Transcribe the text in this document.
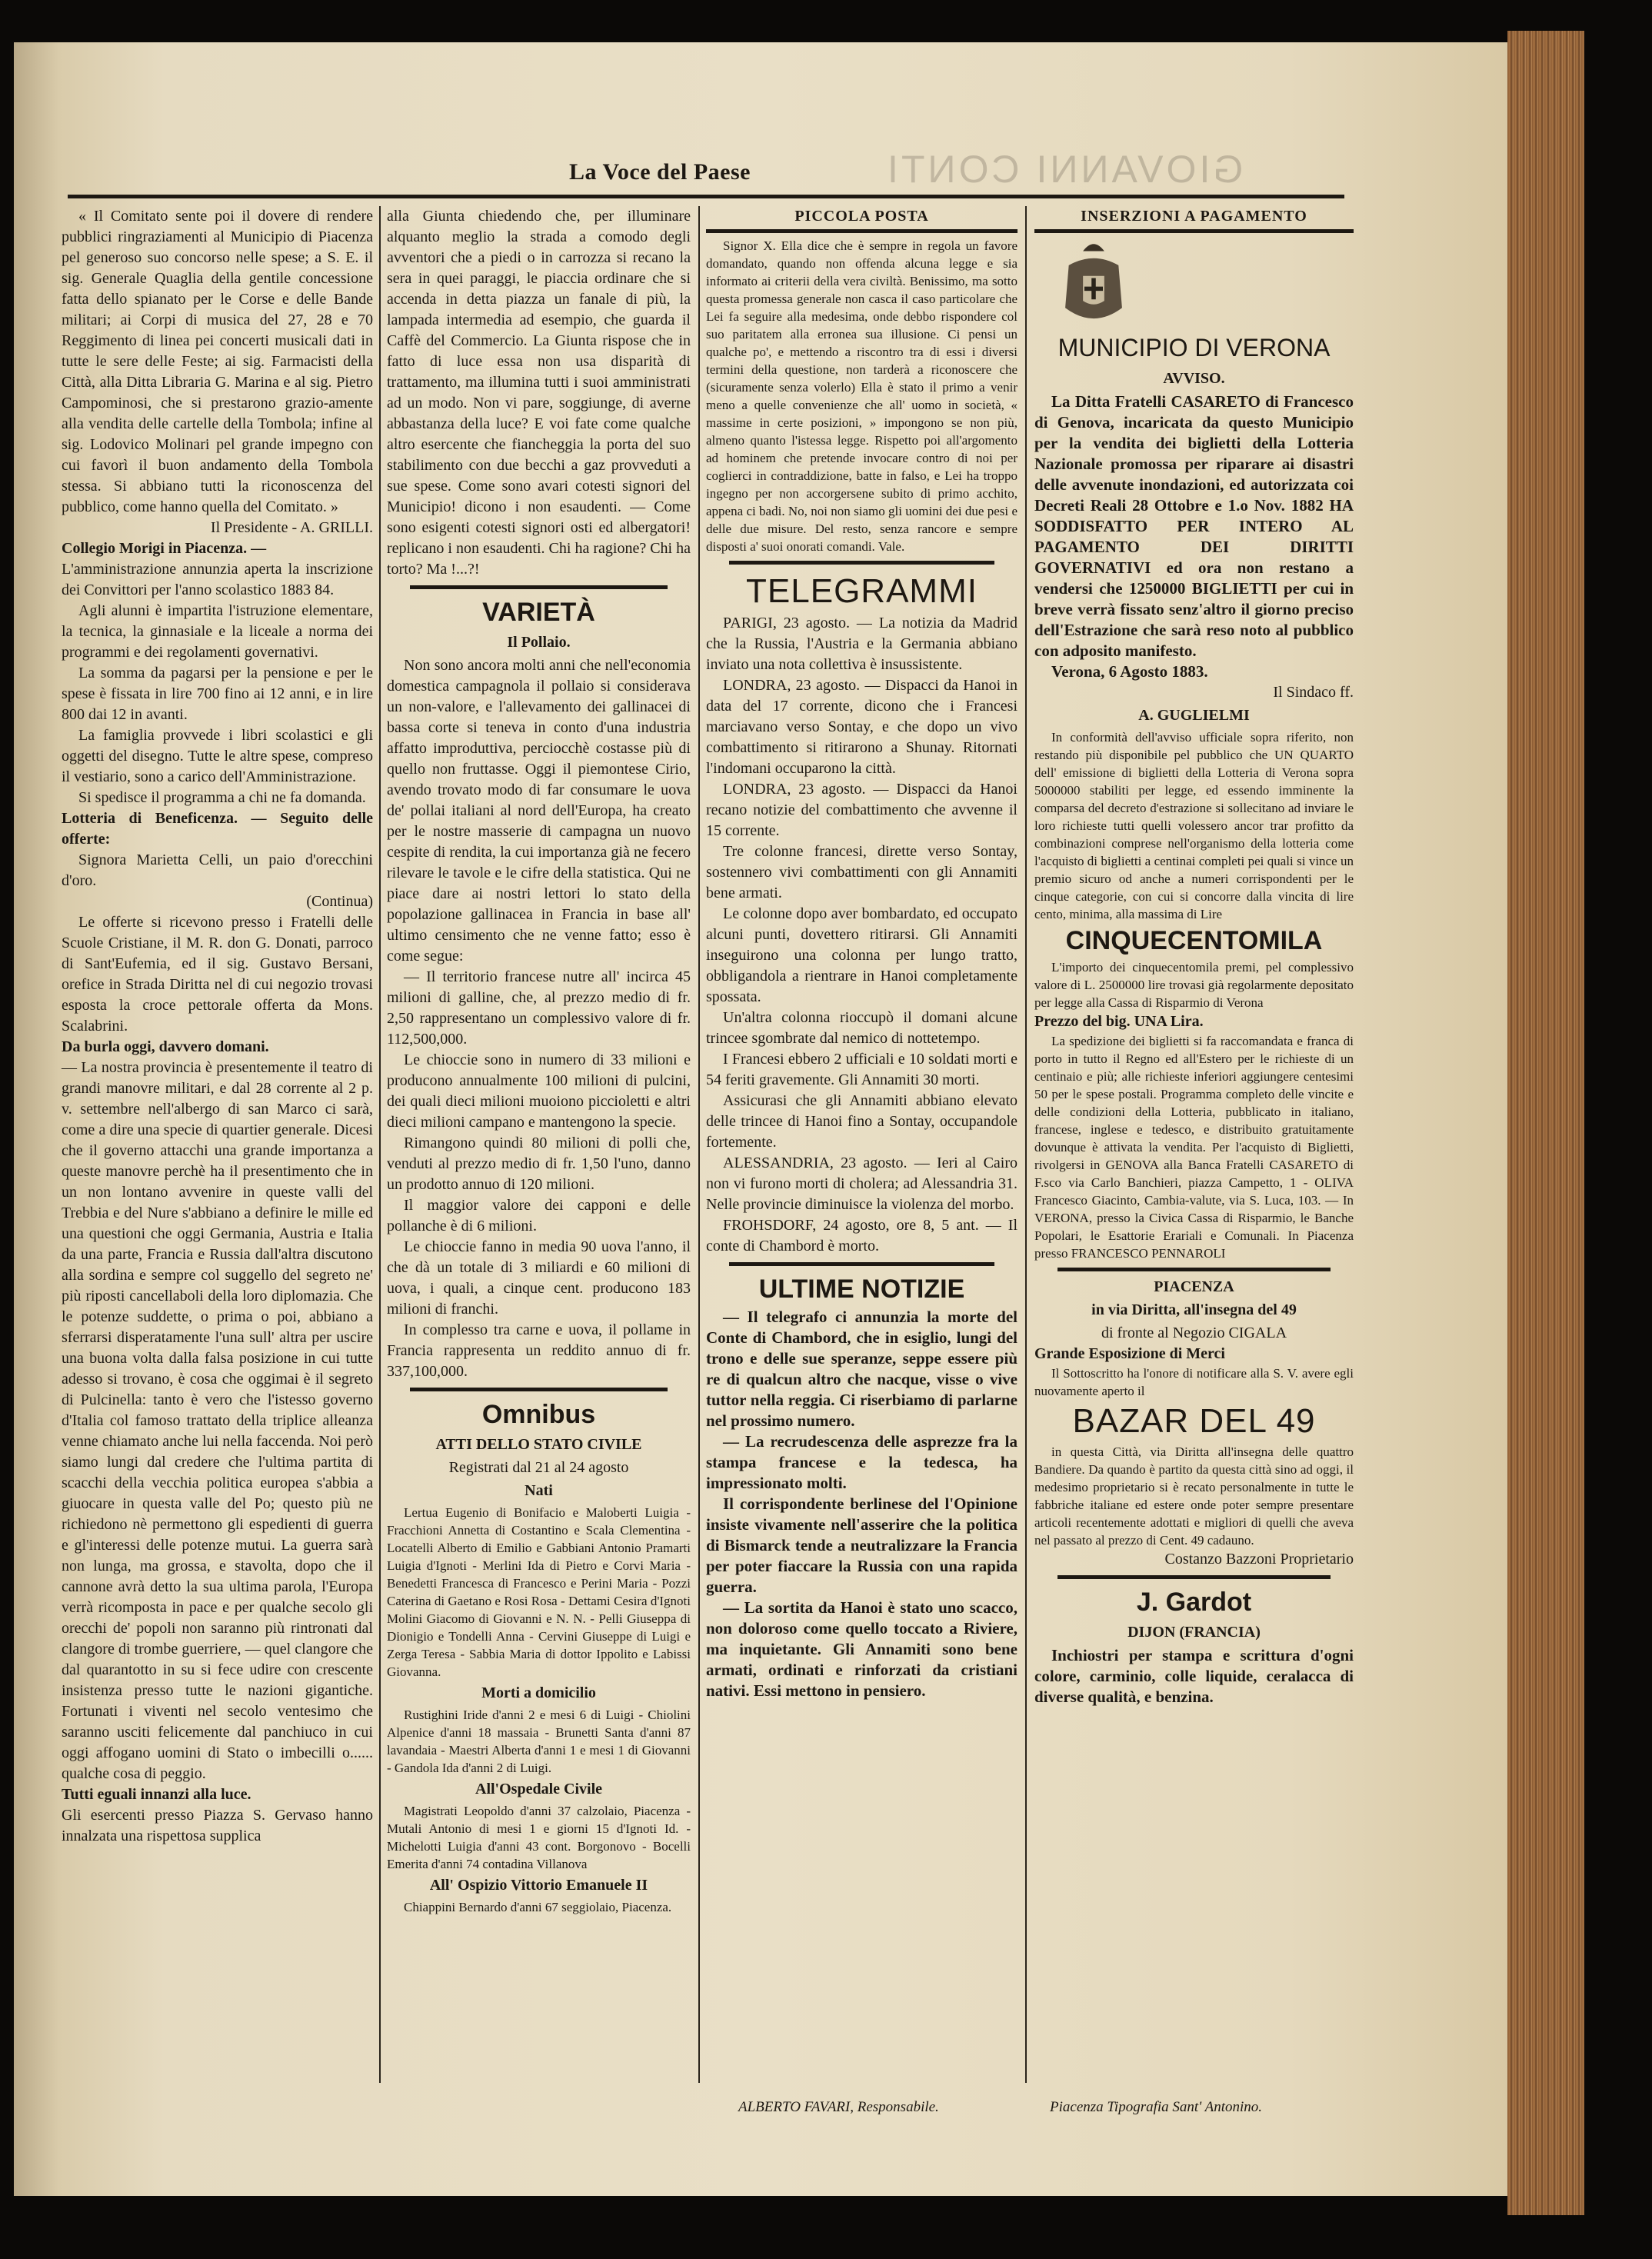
GIOVANNI CONTI
La Voce del Paese

« Il Comitato sente poi il dovere di rendere pubblici ringraziamenti al Municipio di Piacenza pel generoso suo concorso nelle spese; a S. E. il sig. Generale Quaglia della gentile concessione fatta dello spianato per le Corse e delle Bande militari; ai Corpi di musica del 27, 28 e 70 Reggimento di linea pei concerti musicali dati in tutte le sere delle Feste; ai sig. Farmacisti della Città, alla Ditta Libraria G. Marina e al sig. Pietro Campominosi, che si prestarono grazio-amente alla vendita delle cartelle della Tombola; infine al sig. Lodovico Molinari pel grande impegno con cui favorì il buon andamento della Tombola stessa. Si abbiano tutti la riconoscenza del pubblico, come hanno quella del Comitato. »

Il Presidente - A. GRILLI.

Collegio Morigi in Piacenza. —

L'amministrazione annunzia aperta la inscrizione dei Convittori per l'anno scolastico 1883 84.

Agli alunni è impartita l'istruzione elementare, la tecnica, la ginnasiale e la liceale a norma dei programmi e dei regolamenti governativi.

La somma da pagarsi per la pensione e per le spese è fissata in lire 700 fino ai 12 anni, e in lire 800 dai 12 in avanti.

La famiglia provvede i libri scolastici e gli oggetti del disegno. Tutte le altre spese, compreso il vestiario, sono a carico dell'Amministrazione.

Si spedisce il programma a chi ne fa domanda.

Lotteria di Beneficenza. — Seguito delle offerte:

Signora Marietta Celli, un paio d'orecchini d'oro.

(Continua)

Le offerte si ricevono presso i Fratelli delle Scuole Cristiane, il M. R. don G. Donati, parroco di Sant'Eufemia, ed il sig. Gustavo Bersani, orefice in Strada Diritta nel di cui negozio trovasi esposta la croce pettorale offerta da Mons. Scalabrini.

Da burla oggi, davvero domani.

— La nostra provincia è presentemente il teatro di grandi manovre militari, e dal 28 corrente al 2 p. v. settembre nell'albergo di san Marco ci sarà, come a dire una specie di quartier generale. Dicesi che il governo attacchi una grande importanza a queste manovre perchè ha il presentimento che in un non lontano avvenire in queste valli del Trebbia e del Nure s'abbiano a definire le mille ed una questioni che oggi Germania, Austria e Italia da una parte, Francia e Russia dall'altra discutono alla sordina e sempre col suggello del segreto ne' più riposti cancellaboli della loro diplomazia. Che le potenze suddette, o prima o poi, abbiano a sferrarsi disperatamente l'una sull' altra per uscire una buona volta dalla falsa posizione in cui tutte adesso si trovano, è cosa che oggimai è il segreto di Pulcinella: tanto è vero che l'istesso governo d'Italia col famoso trattato della triplice alleanza venne chiamato anche lui nella faccenda. Noi però siamo lungi dal credere che l'ultima partita di scacchi della vecchia politica europea s'abbia a giuocare in questa valle del Po; questo più ne richiedono nè permettono gli espedienti di guerra e gl'interessi delle potenze mutui. La guerra sarà non lunga, ma grossa, e stavolta, dopo che il cannone avrà detto la sua ultima parola, l'Europa verrà ricomposta in pace e per qualche secolo gli orecchi de' popoli non saranno più rintronati dal clangore di trombe guerriere, — quel clangore che dal quarantotto in su si fece udire con crescente insistenza presso tutte le nazioni gigantiche. Fortunati i viventi nel secolo ventesimo che saranno usciti felicemente dal panchiuco in cui oggi affogano uomini di Stato o imbecilli o...... qualche cosa di peggio.

Tutti eguali innanzi alla luce.

Gli esercenti presso Piazza S. Gervaso hanno innalzata una rispettosa supplica

alla Giunta chiedendo che, per illuminare alquanto meglio la strada a comodo degli avventori che a piedi o in carrozza si recano la sera in quei paraggi, le piaccia ordinare che si accenda in detta piazza un fanale di più, la lampada intermedia ad esempio, che guarda il Caffè del Commercio. La Giunta rispose che in fatto di luce essa non usa disparità di trattamento, ma illumina tutti i suoi amministrati ad un modo. Non vi pare, soggiunge, di averne abbastanza della luce? E voi fate come qualche altro esercente che fiancheggia la porta del suo stabilimento con due becchi a gaz provveduti a sue spese. Come sono avari cotesti signori del Municipio! dicono i non esaudenti. — Come sono esigenti cotesti signori osti ed albergatori! replicano i non esaudenti. Chi ha ragione? Chi ha torto? Ma !...?!

VARIETÀ

Il Pollaio.

Non sono ancora molti anni che nell'economia domestica campagnola il pollaio si considerava un non-valore, e l'allevamento dei gallinacei di bassa corte si teneva in conto d'una industria affatto improduttiva, perciocchè costasse più di quello non fruttasse. Oggi il piemontese Cirio, avendo trovato modo di far consumare le uova de' pollai italiani al nord dell'Europa, ha creato per le nostre masserie di campagna un nuovo cespite di rendita, la cui importanza già ne fecero rilevare le tavole e le cifre della statistica. Qui ne piace dare ai nostri lettori lo stato della popolazione gallinacea in Francia in base all' ultimo censimento che ne venne fatto; esso è come segue:

— Il territorio francese nutre all' incirca 45 milioni di galline, che, al prezzo medio di fr. 2,50 rappresentano un complessivo valore di fr. 112,500,000.

Le chioccie sono in numero di 33 milioni e producono annualmente 100 milioni di pulcini, dei quali dieci milioni muoiono piccioletti e altri dieci milioni campano e mantengono la specie.

Rimangono quindi 80 milioni di polli che, venduti al prezzo medio di fr. 1,50 l'uno, danno un prodotto annuo di 120 milioni.

Il maggior valore dei capponi e delle pollanche è di 6 milioni.

Le chioccie fanno in media 90 uova l'anno, il che dà un totale di 3 miliardi e 60 milioni di uova, i quali, a cinque cent. producono 183 milioni di franchi.

In complesso tra carne e uova, il pollame in Francia rappresenta un reddito annuo di fr. 337,100,000.

Omnibus

ATTI DELLO STATO CIVILE

Registrati dal 21 al 24 agosto

Nati

Lertua Eugenio di Bonifacio e Maloberti Luigia - Fracchioni Annetta di Costantino e Scala Clementina - Locatelli Alberto di Emilio e Gabbiani Antonio Pramarti Luigia d'Ignoti - Merlini Ida di Pietro e Corvi Maria - Benedetti Francesca di Francesco e Perini Maria - Pozzi Caterina di Gaetano e Rosi Rosa - Dettami Cesira d'Ignoti Molini Giacomo di Giovanni e N. N. - Pelli Giuseppa di Dionigio e Tondelli Anna - Cervini Giuseppe di Luigi e Zerga Teresa - Sabbia Maria di dottor Ippolito e Labissi Giovanna.

Morti a domicilio

Rustighini Iride d'anni 2 e mesi 6 di Luigi - Chiolini Alpenice d'anni 18 massaia - Brunetti Santa d'anni 87 lavandaia - Maestri Alberta d'anni 1 e mesi 1 di Giovanni - Gandola Ida d'anni 2 di Luigi.

All'Ospedale Civile

Magistrati Leopoldo d'anni 37 calzolaio, Piacenza - Mutali Antonio di mesi 1 e giorni 15 d'Ignoti Id. - Michelotti Luigia d'anni 43 cont. Borgonovo - Bocelli Emerita d'anni 74 contadina Villanova

All' Ospizio Vittorio Emanuele II

Chiappini Bernardo d'anni 67 seggiolaio, Piacenza.

PICCOLA POSTA

Signor X. Ella dice che è sempre in regola un favore domandato, quando non offenda alcuna legge e sia informato ai criterii della vera civiltà. Benissimo, ma sotto questa promessa generale non casca il caso particolare che Lei fa seguire alla medesima, onde debbo rispondere col suo paritatem alla erronea sua illusione. Ci pensi un qualche po', e mettendo a riscontro tra di essi i diversi termini della questione, non tarderà a riconoscere che (sicuramente senza volerlo) Ella è stato il primo a venir meno a quelle convenienze che all' uomo in società, « massime in certe posizioni, » impongono se non più, almeno quanto l'istessa legge. Rispetto poi all'argomento ad hominem che pretende invocare contro di noi per coglierci in contraddizione, batte in falso, e Lei ha troppo ingegno per non accorgersene subito di primo acchito, appena ci badi. No, noi non siamo gli uomini dei due pesi e delle due misure. Del resto, senza rancore e sempre disposti a' suoi onorati comandi. Vale.

TELEGRAMMI

PARIGI, 23 agosto. — La notizia da Madrid che la Russia, l'Austria e la Germania abbiano inviato una nota collettiva è insussistente.

LONDRA, 23 agosto. — Dispacci da Hanoi in data del 17 corrente, dicono che i Francesi marciavano verso Sontay, e che dopo un vivo combattimento si ritirarono a Shunay. Ritornati l'indomani occuparono la città.

LONDRA, 23 agosto. — Dispacci da Hanoi recano notizie del combattimento che avvenne il 15 corrente.

Tre colonne francesi, dirette verso Sontay, sostennero vivi combattimenti con gli Annamiti bene armati.

Le colonne dopo aver bombardato, ed occupato alcuni punti, dovettero ritirarsi. Gli Annamiti inseguirono una colonna per lungo tratto, obbligandola a rientrare in Hanoi completamente spossata.

Un'altra colonna rioccupò il domani alcune trincee sgombrate dal nemico di nottetempo.

I Francesi ebbero 2 ufficiali e 10 soldati morti e 54 feriti gravemente. Gli Annamiti 30 morti.

Assicurasi che gli Annamiti abbiano elevato delle trincee di Hanoi fino a Sontay, occupandole fortemente.

ALESSANDRIA, 23 agosto. — Ieri al Cairo non vi furono morti di cholera; ad Alessandria 31. Nelle provincie diminuisce la violenza del morbo.

FROHSDORF, 24 agosto, ore 8, 5 ant. — Il conte di Chambord è morto.

ULTIME NOTIZIE

— Il telegrafo ci annunzia la morte del Conte di Chambord, che in esiglio, lungi del trono e delle sue speranze, seppe essere più re di qualcun altro che nacque, visse o vive tuttor nella reggia. Ci riserbiamo di parlarne nel prossimo numero.

— La recrudescenza delle asprezze fra la stampa francese e la tedesca, ha impressionato molti.

Il corrispondente berlinese del l'Opinione insiste vivamente nell'asserire che la politica di Bismarck tende a neutralizzare la Francia per poter fiaccare la Russia con una rapida guerra.

— La sortita da Hanoi è stato uno scacco, non doloroso come quello toccato a Riviere, ma inquietante. Gli Annamiti sono bene armati, ordinati e rinforzati da cristiani nativi. Essi mettono in pensiero.

INSERZIONI A PAGAMENTO

MUNICIPIO DI VERONA

AVVISO.

La Ditta Fratelli CASARETO di Francesco di Genova, incaricata da questo Municipio per la vendita dei biglietti della Lotteria Nazionale promossa per riparare ai disastri delle avvenute inondazioni, ed autorizzata coi Decreti Reali 28 Ottobre e 1.o Nov. 1882 HA SODDISFATTO PER INTERO AL PAGAMENTO DEI DIRITTI GOVERNATIVI ed ora non restano a vendersi che 1250000 BIGLIETTI per cui in breve verrà fissato senz'altro il giorno preciso dell'Estrazione che sarà reso noto al pubblico con adposito manifesto.

Verona, 6 Agosto 1883.

Il Sindaco ff.

A. GUGLIELMI

In conformità dell'avviso ufficiale sopra riferito, non restando più disponibile pel pubblico che UN QUARTO dell' emissione di biglietti della Lotteria di Verona sopra 5000000 stabiliti per legge, ed essendo imminente la comparsa del decreto d'estrazione si sollecitano ad inviare le loro richieste tutti quelli volessero ancor trar profitto da combinazioni comprese nell'organismo della lotteria come l'acquisto di biglietti a centinai completi pei quali si vince un premio sicuro od anche a numeri corrispondenti per le cinque categorie, con cui si concorre dalla vincita di lire cento, minima, alla massima di Lire

CINQUECENTOMILA

L'importo dei cinquecentomila premi, pel complessivo valore di L. 2500000 lire trovasi già regolarmente depositato per legge alla Cassa di Risparmio di Verona

Prezzo del big. UNA Lira.

La spedizione dei biglietti si fa raccomandata e franca di porto in tutto il Regno ed all'Estero per le richieste di un centinaio e più; alle richieste inferiori aggiungere centesimi 50 per le spese postali. Programma completo delle vincite e delle condizioni della Lotteria, pubblicato in italiano, francese, inglese e tedesco, e distribuito gratuitamente dovunque è attivata la vendita. Per l'acquisto di Biglietti, rivolgersi in GENOVA alla Banca Fratelli CASARETO di F.sco via Carlo Banchieri, piazza Campetto, 1 - OLIVA Francesco Giacinto, Cambia-valute, via S. Luca, 103. — In VERONA, presso la Civica Cassa di Risparmio, le Banche Popolari, le Esattorie Erariali e Comunali. In Piacenza presso FRANCESCO PENNAROLI

PIACENZA

in via Diritta, all'insegna del 49

di fronte al Negozio CIGALA

Grande Esposizione di Merci

Il Sottoscritto ha l'onore di notificare alla S. V. avere egli nuovamente aperto il

BAZAR DEL 49

in questa Città, via Diritta all'insegna delle quattro Bandiere. Da quando è partito da questa città sino ad oggi, il medesimo proprietario si è recato personalmente in tutte le fabbriche italiane ed estere onde poter sempre presentare articoli recentemente adottati e migliori di quelli che aveva nel passato al prezzo di Cent. 49 cadauno.

Costanzo Bazzoni Proprietario

J. Gardot

DIJON (FRANCIA)

Inchiostri per stampa e scrittura d'ogni colore, carminio, colle liquide, ceralacca di diverse qualità, e benzina.

ALBERTO FAVARI, Responsabile.	Piacenza Tipografia Sant' Antonino.
